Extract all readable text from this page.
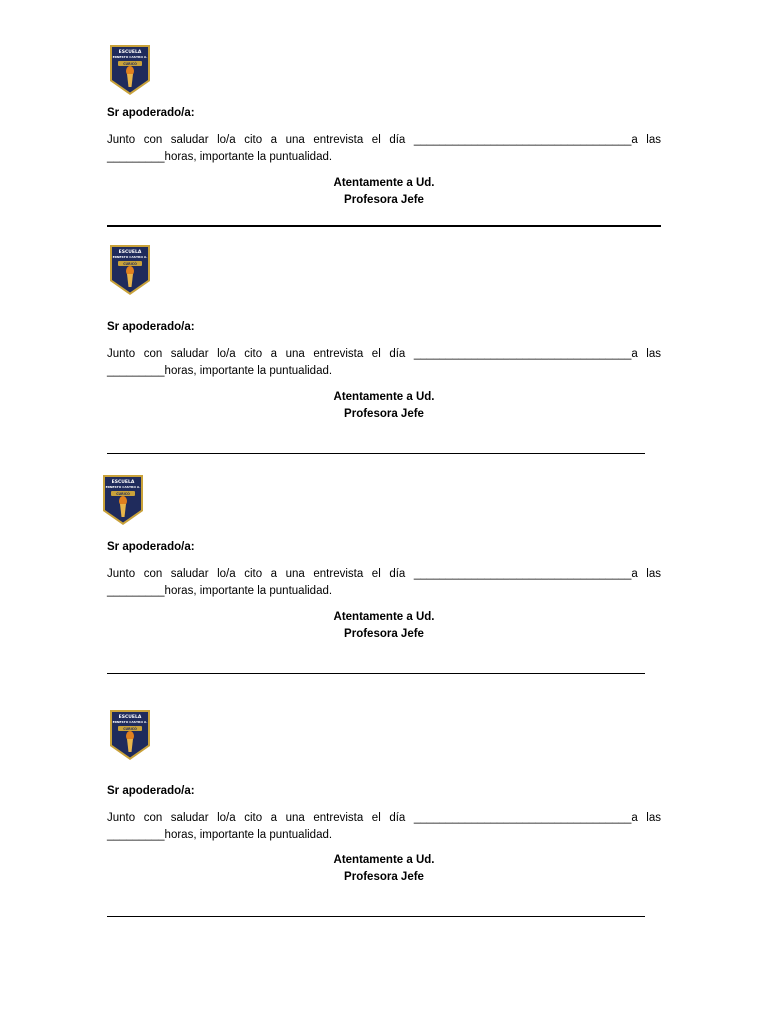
ESCUELA
ERNESTO CASTRO A.
CURICÓ
Sr apoderado/a:
Junto con saludar lo/a cito a una entrevista el día __________________________________a las
_________horas, importante la puntualidad.
Atentamente a Ud.
Profesora Jefe
ESCUELA
ERNESTO CASTRO A.
CURICÓ
Sr apoderado/a:
Junto con saludar lo/a cito a una entrevista el día __________________________________a las
_________horas, importante la puntualidad.
Atentamente a Ud.
Profesora Jefe
ESCUELA
ERNESTO CASTRO A.
CURICÓ
Sr apoderado/a:
Junto con saludar lo/a cito a una entrevista el día __________________________________a las
_________horas, importante la puntualidad.
Atentamente a Ud.
Profesora Jefe
ESCUELA
ERNESTO CASTRO A.
CURICÓ
Sr apoderado/a:
Junto con saludar lo/a cito a una entrevista el día __________________________________a las
_________horas, importante la puntualidad.
Atentamente a Ud.
Profesora Jefe
